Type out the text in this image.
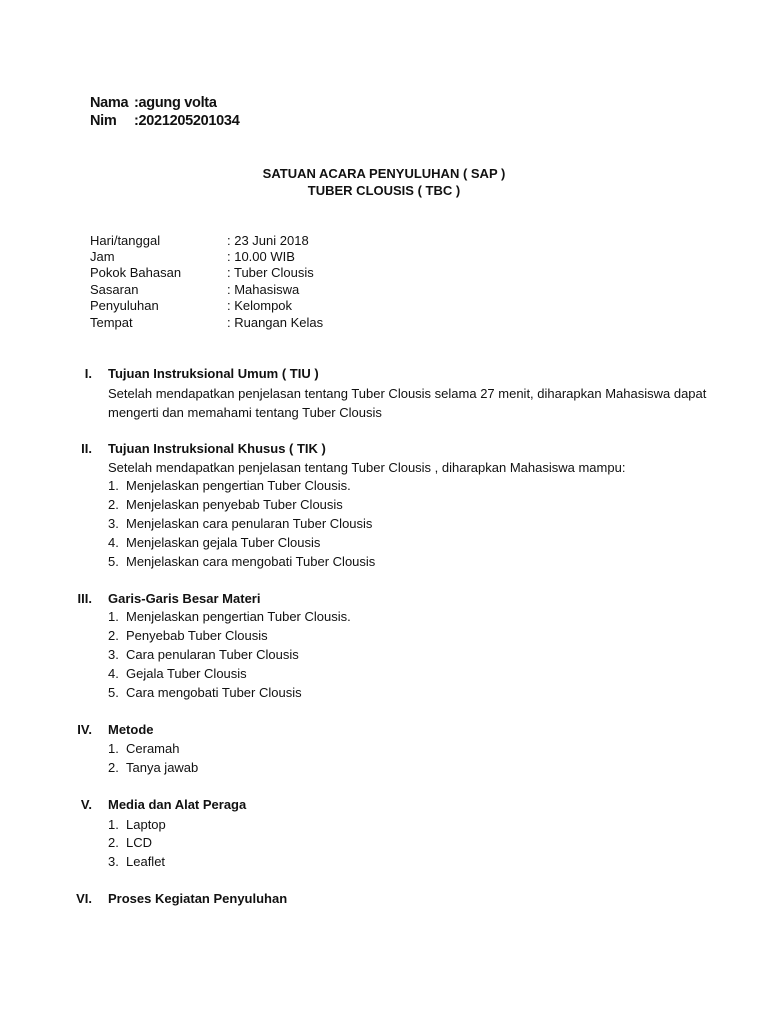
Nama :agung volta
Nim :2021205201034
SATUAN ACARA PENYULUHAN ( SAP )
TUBER CLOUSIS ( TBC )
Hari/tanggal	: 23 Juni 2018
Jam	: 10.00 WIB
Pokok Bahasan	: Tuber Clousis
Sasaran	: Mahasiswa
Penyuluhan	: Kelompok
Tempat	: Ruangan Kelas
I. Tujuan Instruksional Umum ( TIU )
Setelah mendapatkan penjelasan tentang Tuber Clousis selama 27 menit, diharapkan Mahasiswa dapat mengerti dan memahami tentang Tuber Clousis
II. Tujuan Instruksional Khusus ( TIK )
Setelah mendapatkan penjelasan tentang Tuber Clousis , diharapkan Mahasiswa mampu:
1. Menjelaskan pengertian Tuber Clousis.
2. Menjelaskan penyebab Tuber Clousis
3. Menjelaskan cara penularan Tuber Clousis
4. Menjelaskan gejala Tuber Clousis
5. Menjelaskan cara mengobati Tuber Clousis
III. Garis-Garis Besar Materi
1. Menjelaskan pengertian Tuber Clousis.
2. Penyebab Tuber Clousis
3. Cara penularan Tuber Clousis
4. Gejala Tuber Clousis
5. Cara mengobati Tuber Clousis
IV. Metode
1. Ceramah
2. Tanya jawab
V. Media dan Alat Peraga
1. Laptop
2. LCD
3. Leaflet
VI. Proses Kegiatan Penyuluhan
